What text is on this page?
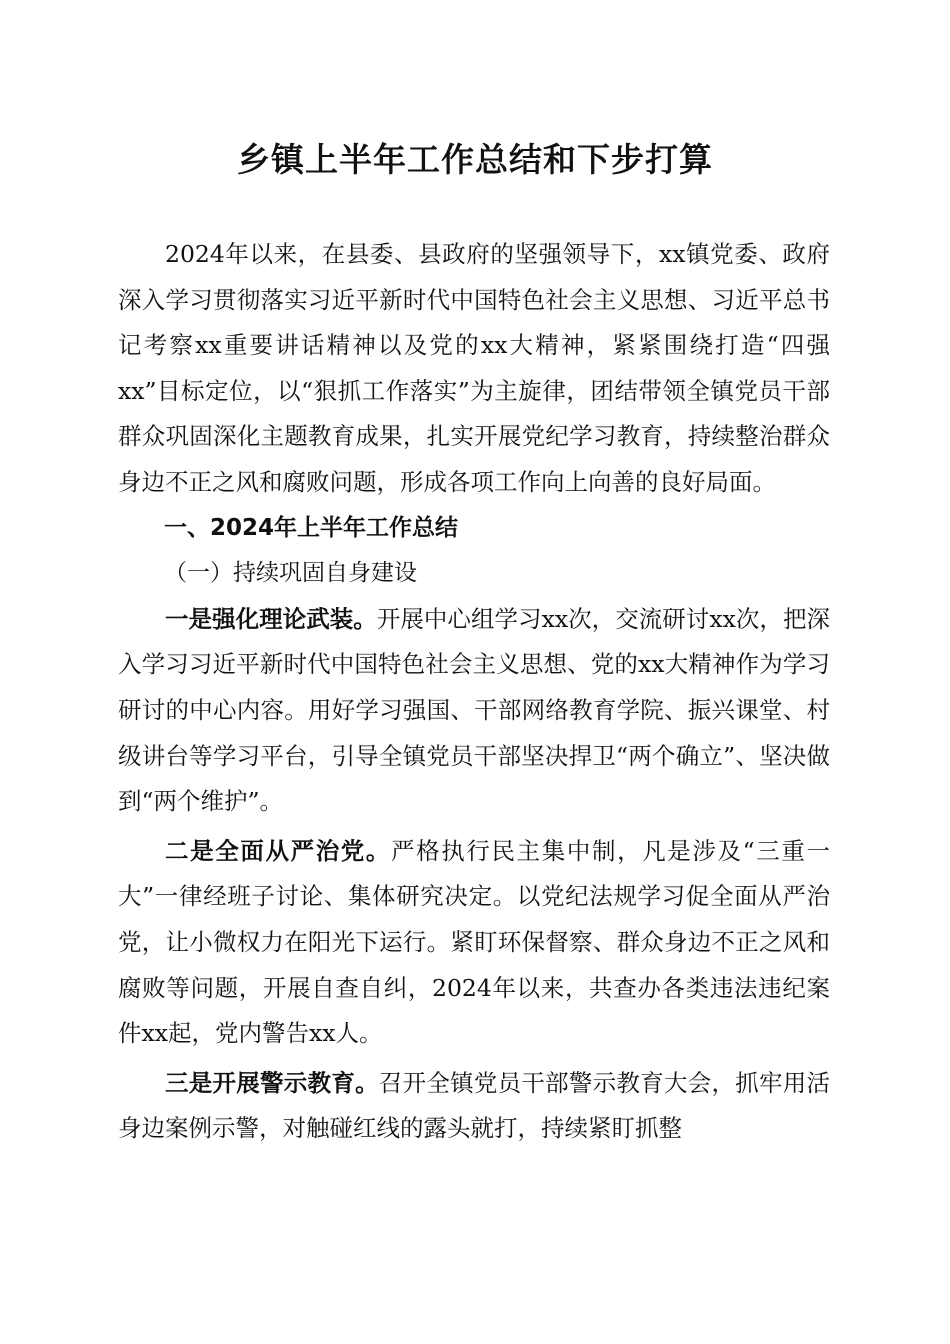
乡镇上半年工作总结和下步打算

2024年以来，在县委、县政府的坚强领导下，xx镇党委、政府深入学习贯彻落实习近平新时代中国特色社会主义思想、习近平总书记考察xx重要讲话精神以及党的xx大精神，紧紧围绕打造“四强xx”目标定位，以“狠抓工作落实”为主旋律，团结带领全镇党员干部群众巩固深化主题教育成果，扎实开展党纪学习教育，持续整治群众身边不正之风和腐败问题，形成各项工作向上向善的良好局面。

一、2024年上半年工作总结

（一）持续巩固自身建设

一是强化理论武装。开展中心组学习xx次，交流研讨xx次，把深入学习习近平新时代中国特色社会主义思想、党的xx大精神作为学习研讨的中心内容。用好学习强国、干部网络教育学院、振兴课堂、村级讲台等学习平台，引导全镇党员干部坚决捍卫“两个确立”、坚决做到“两个维护”。

二是全面从严治党。严格执行民主集中制，凡是涉及“三重一大”一律经班子讨论、集体研究决定。以党纪法规学习促全面从严治党，让小微权力在阳光下运行。紧盯环保督察、群众身边不正之风和腐败等问题，开展自查自纠，2024年以来，共查办各类违法违纪案件xx起，党内警告xx人。

三是开展警示教育。召开全镇党员干部警示教育大会，抓牢用活身边案例示警，对触碰红线的露头就打，持续紧盯抓整
